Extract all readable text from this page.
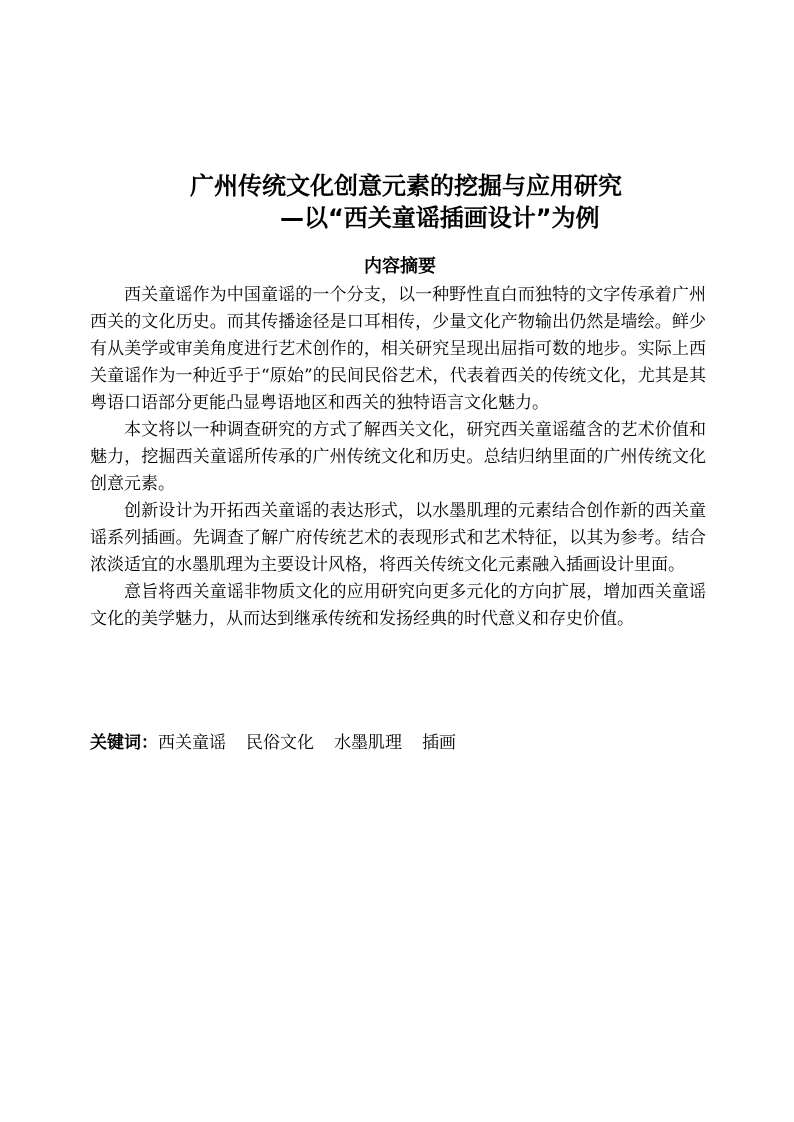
广州传统文化创意元素的挖掘与应用研究
—以“西关童谣插画设计”为例
内容摘要

西关童谣作为中国童谣的一个分支，以一种野性直白而独特的文字传承着广州西关的文化历史。而其传播途径是口耳相传，少量文化产物输出仍然是墙绘。鲜少有从美学或审美角度进行艺术创作的，相关研究呈现出屈指可数的地步。实际上西关童谣作为一种近乎于“原始”的民间民俗艺术，代表着西关的传统文化，尤其是其粤语口语部分更能凸显粤语地区和西关的独特语言文化魅力。

本文将以一种调查研究的方式了解西关文化，研究西关童谣蕴含的艺术价值和魅力，挖掘西关童谣所传承的广州传统文化和历史。总结归纳里面的广州传统文化创意元素。

创新设计为开拓西关童谣的表达形式，以水墨肌理的元素结合创作新的西关童谣系列插画。先调查了解广府传统艺术的表现形式和艺术特征，以其为参考。结合浓淡适宜的水墨肌理为主要设计风格，将西关传统文化元素融入插画设计里面。

意旨将西关童谣非物质文化的应用研究向更多元化的方向扩展，增加西关童谣文化的美学魅力，从而达到继承传统和发扬经典的时代意义和存史价值。

关键词：西关童谣 民俗文化 水墨肌理 插画
